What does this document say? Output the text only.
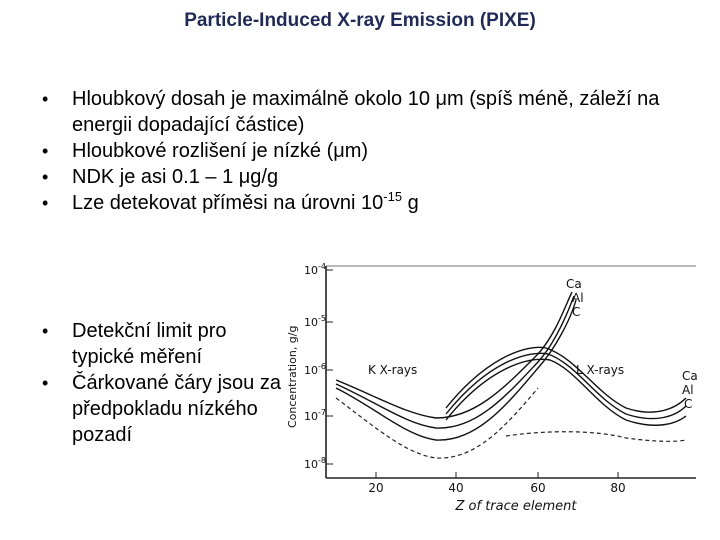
Particle-Induced X-ray Emission (PIXE)
• Hloubkový dosah je maximálně okolo 10 μm (spíš méně, záleží na energii dopadající částice)
• Hloubkové rozlišení je nízké (μm)
• NDK je asi 0.1 – 1 μg/g
• Lze detekovat příměsi na úrovni $10^{-15}$ g
• Detekční limit pro typické měření
• Čárkované čáry jsou za předpokladu nízkého pozadí
$10^{-4}$
$10^{-5}$
$10^{-6}$
$10^{-7}$
$10^{-8}$
Concentration, g/g
20	40	60	80
Z of trace element
K X-rays	L X-rays
Ca
Al
C
Ca
Al
C
